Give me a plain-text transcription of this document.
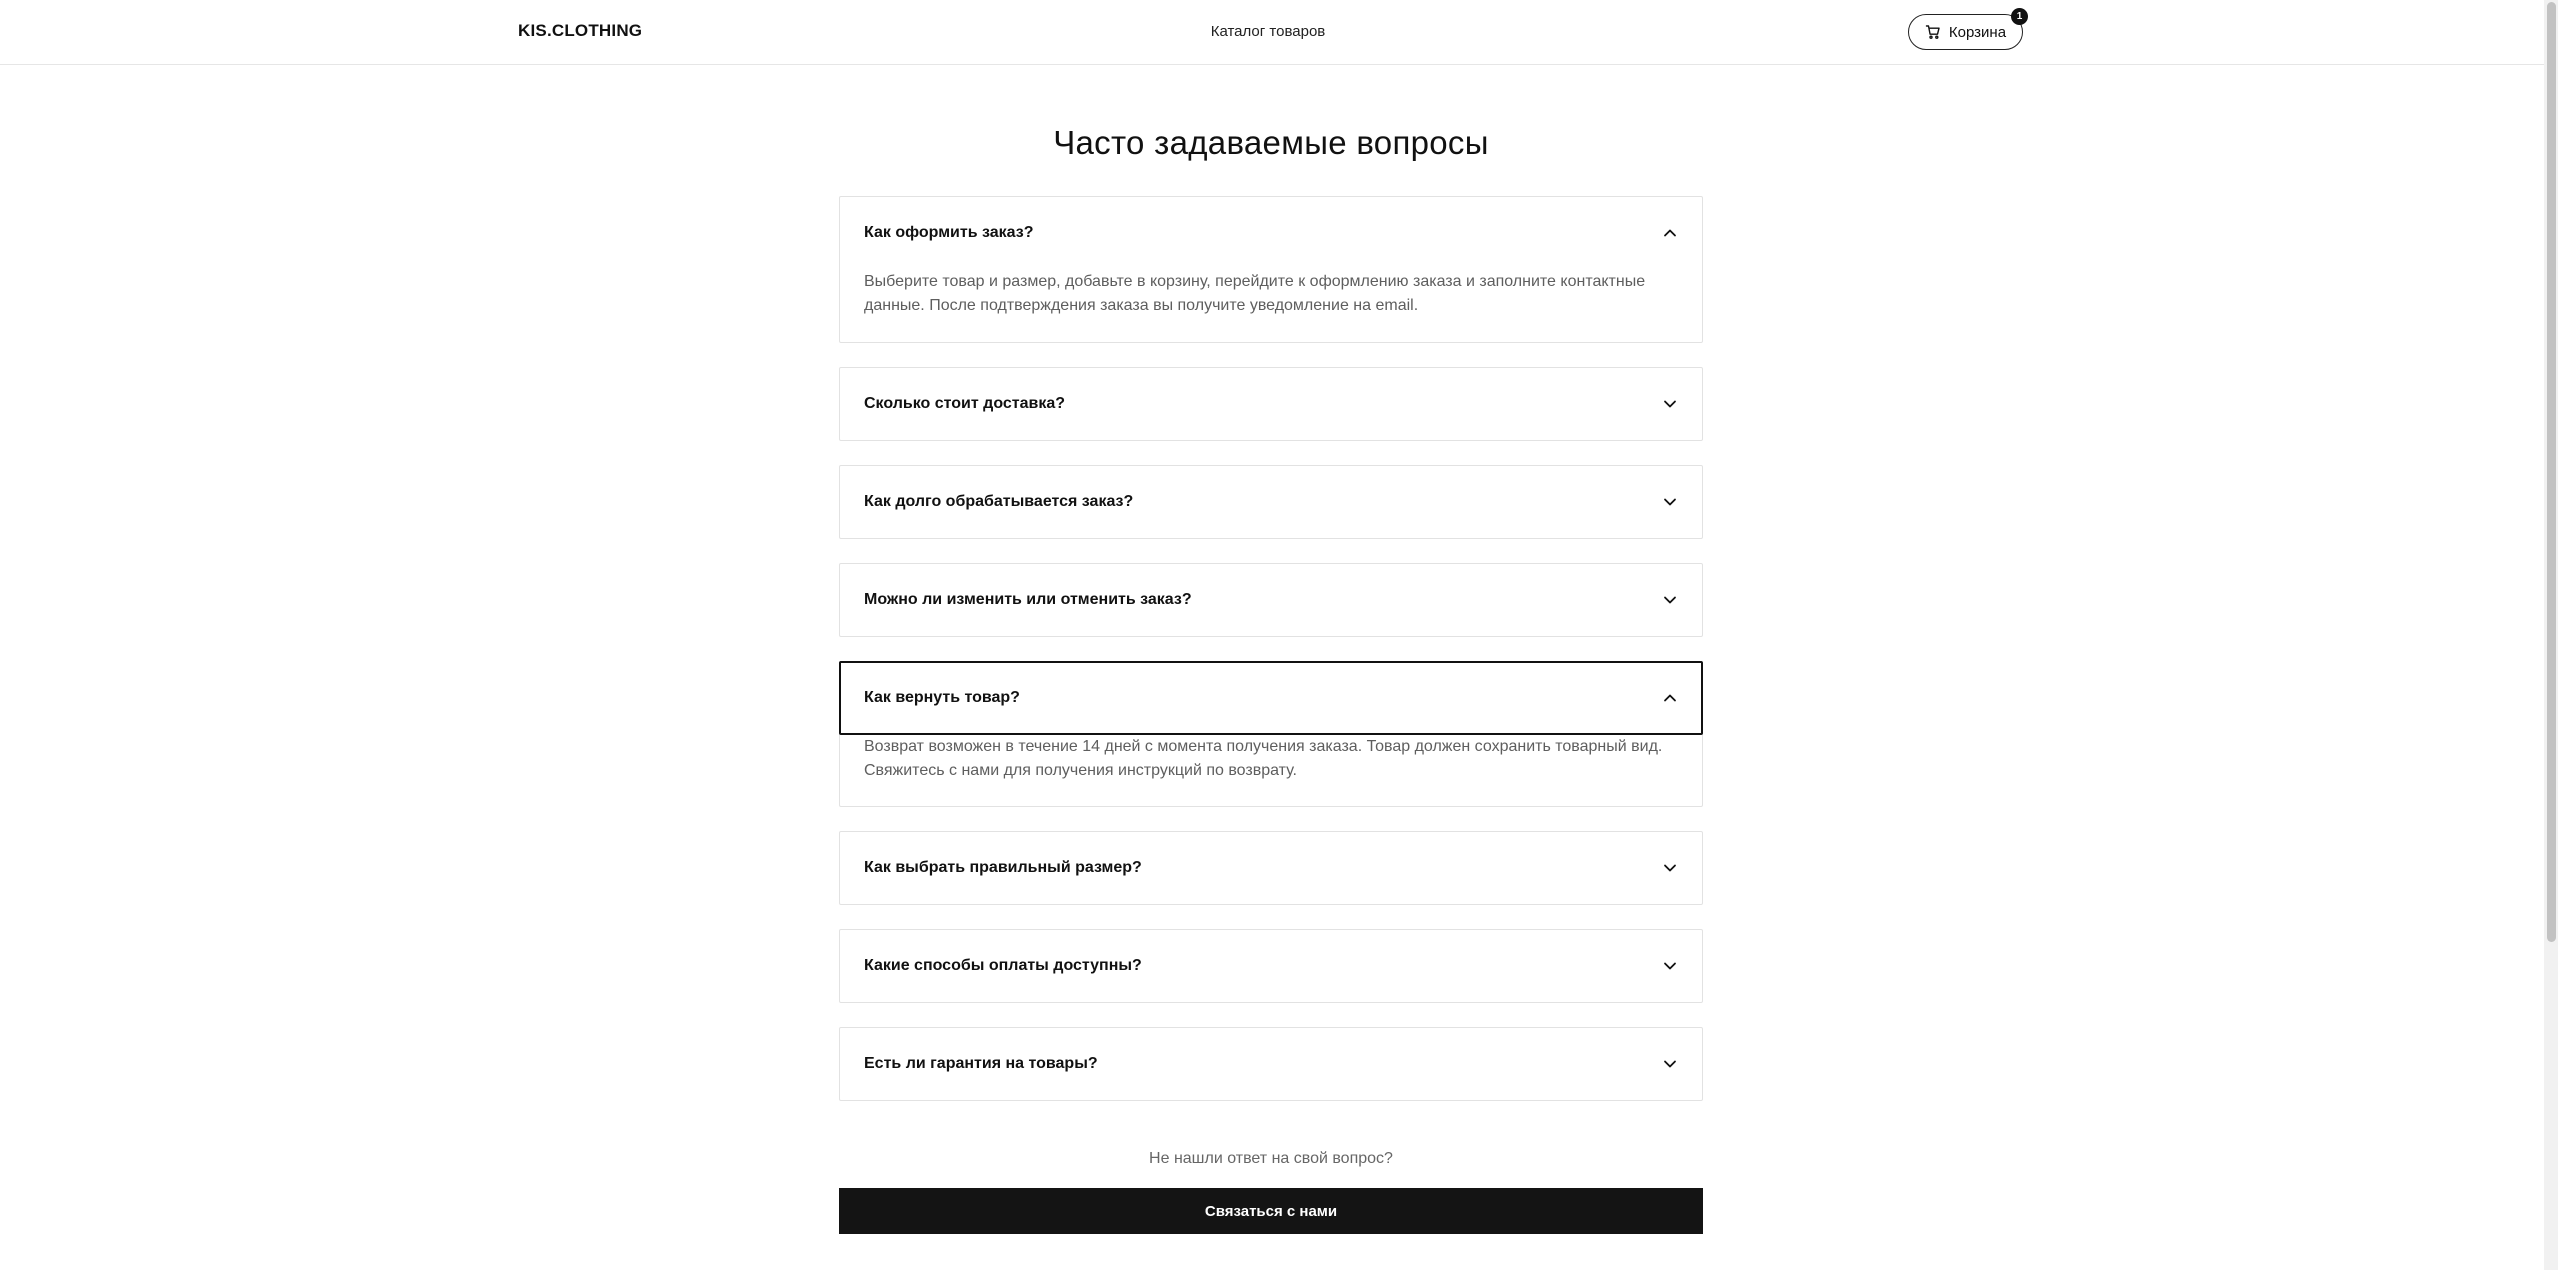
KIS.CLOTHING	Каталог товаров	Корзина
1
Часто задаваемые вопросы
Как оформить заказ?
Выберите товар и размер, добавьте в корзину, перейдите к оформлению заказа и заполните контактные данные. После подтверждения заказа вы получите уведомление на email.
Сколько стоит доставка?
Как долго обрабатывается заказ?
Можно ли изменить или отменить заказ?
Как вернуть товар?
Возврат возможен в течение 14 дней с момента получения заказа. Товар должен сохранить товарный вид. Свяжитесь с нами для получения инструкций по возврату.
Как выбрать правильный размер?
Какие способы оплаты доступны?
Есть ли гарантия на товары?
Не нашли ответ на свой вопрос?
Связаться с нами
